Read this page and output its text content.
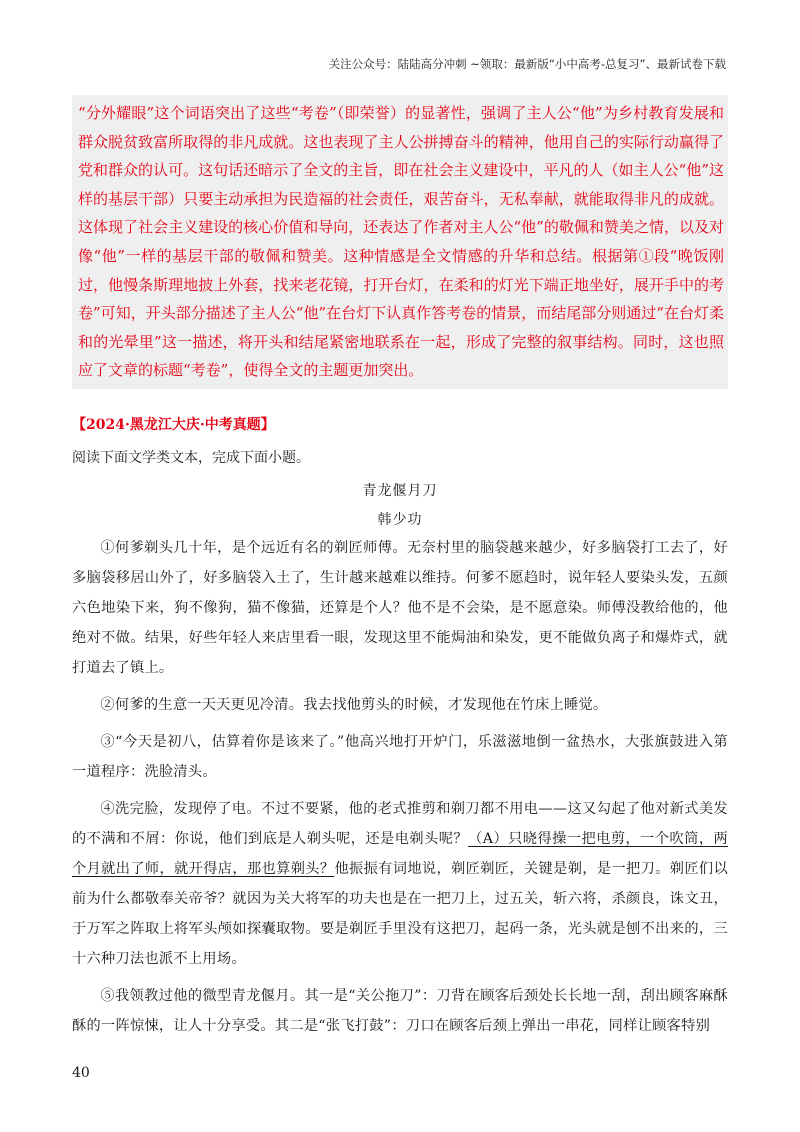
关注公众号：陆陆高分冲刺 ~领取：最新版“小中高考-总复习”、最新试卷下载

“分外耀眼”这个词语突出了这些“考卷”（即荣誉）的显著性，强调了主人公“他”为乡村教育发展和群众脱贫致富所取得的非凡成就。这也表现了主人公拼搏奋斗的精神，他用自己的实际行动赢得了党和群众的认可。这句话还暗示了全文的主旨，即在社会主义建设中，平凡的人（如主人公“他”这样的基层干部）只要主动承担为民造福的社会责任，艰苦奋斗，无私奉献，就能取得非凡的成就。这体现了社会主义建设的核心价值和导向，还表达了作者对主人公“他”的敬佩和赞美之情，以及对像“他”一样的基层干部的敬佩和赞美。这种情感是全文情感的升华和总结。根据第①段“晚饭刚过，他慢条斯理地披上外套，找来老花镜，打开台灯，在柔和的灯光下端正地坐好，展开手中的考卷”可知，开头部分描述了主人公“他”在台灯下认真作答考卷的情景，而结尾部分则通过“在台灯柔和的光晕里”这一描述，将开头和结尾紧密地联系在一起，形成了完整的叙事结构。同时，这也照应了文章的标题“考卷”，使得全文的主题更加突出。

【2024·黑龙江大庆·中考真题】
阅读下面文学类文本，完成下面小题。
青龙偃月刀
韩少功

①何爹剃头几十年，是个远近有名的剃匠师傅。无奈村里的脑袋越来越少，好多脑袋打工去了，好多脑袋移居山外了，好多脑袋入土了，生计越来越难以维持。何爹不愿趋时，说年轻人要染头发，五颜六色地染下来，狗不像狗，猫不像猫，还算是个人？他不是不会染，是不愿意染。师傅没教给他的，他绝对不做。结果，好些年轻人来店里看一眼，发现这里不能焗油和染发，更不能做负离子和爆炸式，就打道去了镇上。

②何爹的生意一天天更见冷清。我去找他剪头的时候，才发现他在竹床上睡觉。

③“今天是初八，估算着你是该来了。”他高兴地打开炉门，乐滋滋地倒一盆热水，大张旗鼓进入第一道程序：洗脸清头。

④洗完脸，发现停了电。不过不要紧，他的老式推剪和剃刀都不用电——这又勾起了他对新式美发的不满和不屑：你说，他们到底是人剃头呢，还是电剃头呢？（A）只晓得操一把电剪，一个吹筒，两个月就出了师，就开得店，那也算剃头？他振振有词地说，剃匠剃匠，关键是剃，是一把刀。剃匠们以前为什么都敬奉关帝爷？就因为关大将军的功夫也是在一把刀上，过五关，斩六将，杀颜良，诛文丑，于万军之阵取上将军头颅如探囊取物。要是剃匠手里没有这把刀，起码一条，光头就是刨不出来的，三十六种刀法也派不上用场。

⑤我领教过他的微型青龙偃月。其一是“关公拖刀”：刀背在顾客后颈处长长地一刮，刮出顾客麻酥酥的一阵惊悚，让人十分享受。其二是“张飞打鼓”：刀口在顾客后颈上弹出一串花，同样让顾客特别

40
